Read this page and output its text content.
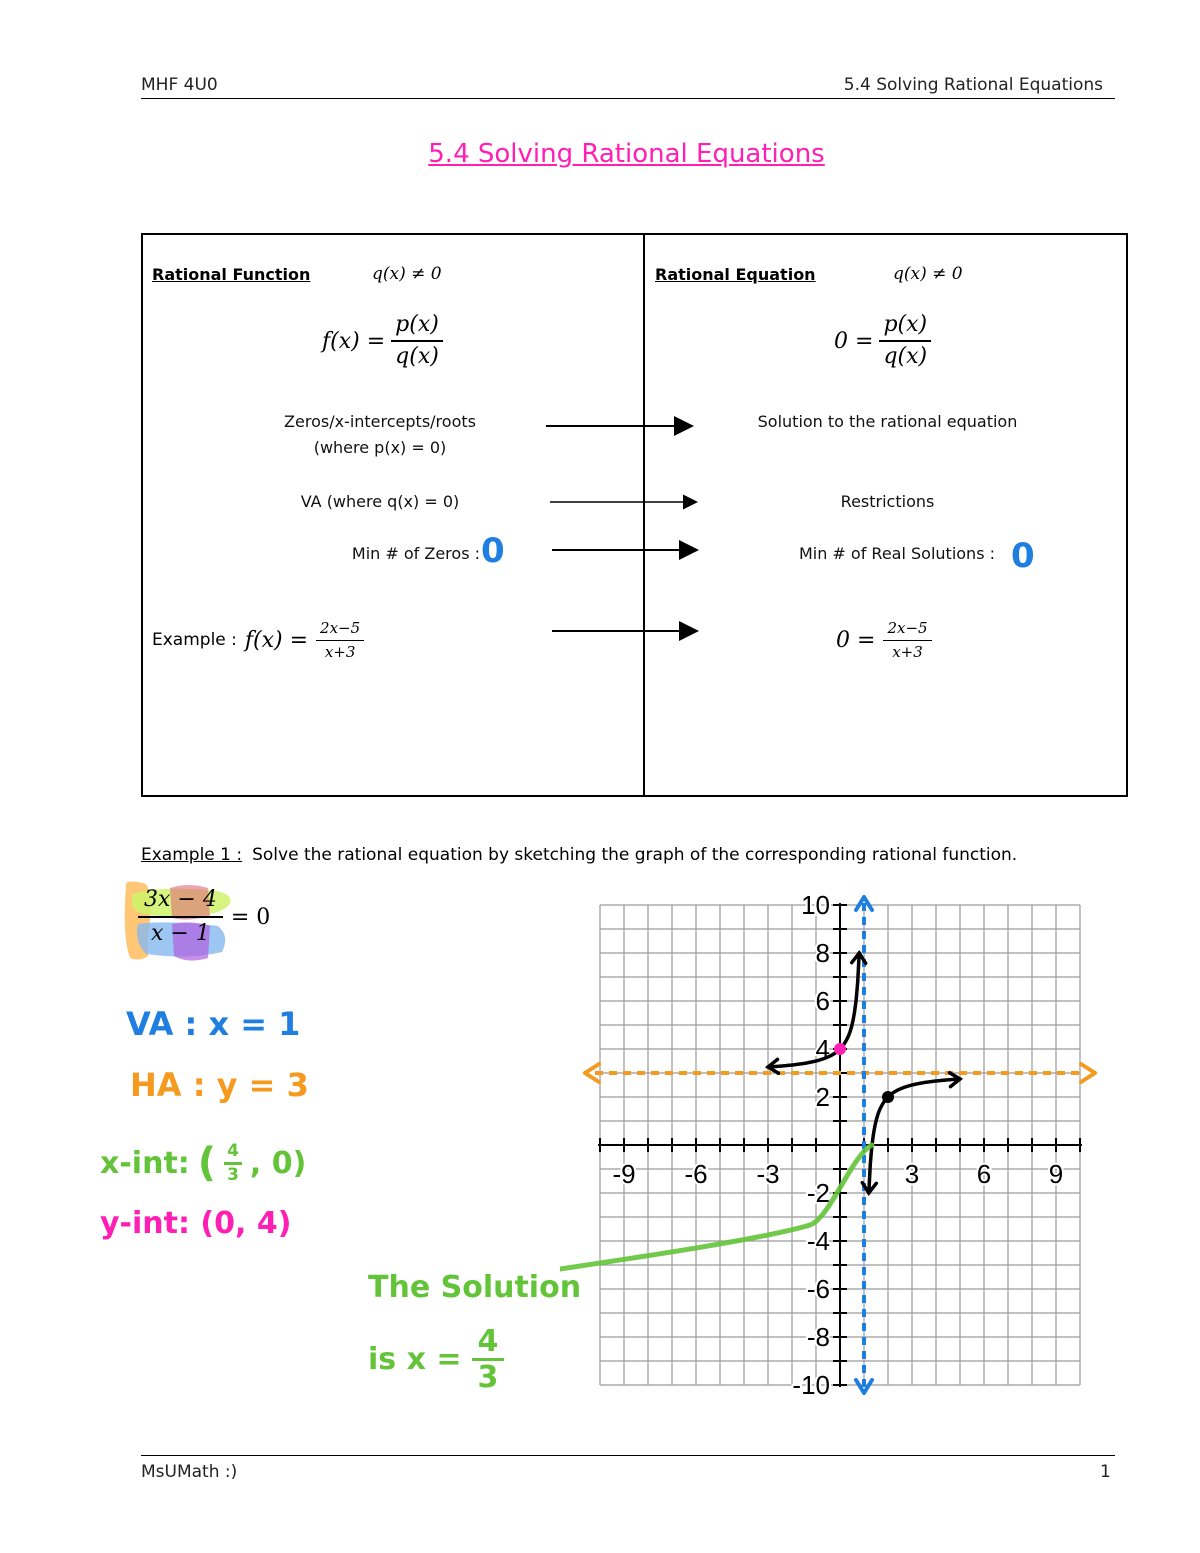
MHF 4U0	5.4 Solving Rational Equations
5.4 Solving Rational Equations
Rational Function	q(x) ≠ 0
$f(x) = \frac{p(x)}{q(x)}$
Zeros/x-intercepts/roots
(where p(x) = 0)
VA (where q(x) = 0)
Min # of Zeros : 0
Example : $f(x) = \frac{2x-5}{x+3}$
Rational Equation	q(x) ≠ 0
$0 = \frac{p(x)}{q(x)}$
Solution to the rational equation
Restrictions
Min # of Real Solutions : 0
$0 = \frac{2x-5}{x+3}$
Example 1 : Solve the rational equation by sketching the graph of the corresponding rational function.
$\frac{3x - 4}{x - 1} = 0$
VA : x = 1
HA : y = 3
x-int: ( $\frac{4}{3}$ , 0)
y-int: (0, 4)
The Solution
is $x = \frac{4}{3}$
-9 -6 -3	3 6 9
10
8
6
4
2
-2
-4
-6
-8
-10
MsUMath :)	1
